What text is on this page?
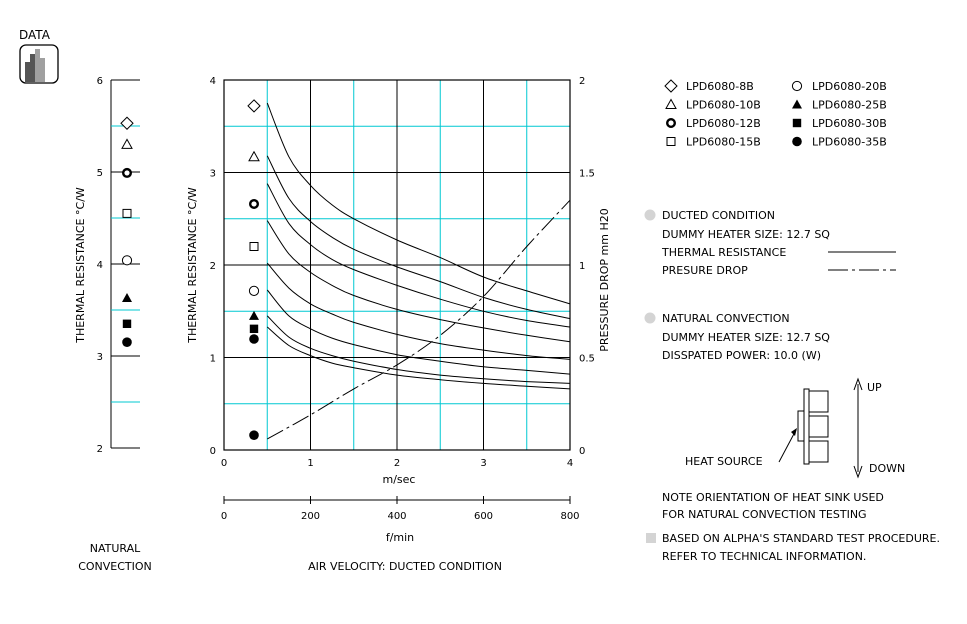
DATA
2
3
4
5
6
THERMAL RESISTANCE °C/W
NATURAL
CONVECTION
0
1
2
3
4
0
0.5
1
1.5
2
0	1	2	3	4
0	200	400	600	800
THERMAL RESISTANCE °C/W	PRESSURE DROP mm H20
m/sec
f/min
AIR VELOCITY: DUCTED CONDITION
LPD6080-8B	LPD6080-20B
LPD6080-10B	LPD6080-25B
LPD6080-12B	LPD6080-30B
LPD6080-15B	LPD6080-35B
DUCTED CONDITION
DUMMY HEATER SIZE: 12.7 SQ
THERMAL RESISTANCE
PRESURE DROP
NATURAL CONVECTION
DUMMY HEATER SIZE: 12.7 SQ
DISSPATED POWER: 10.0 (W)
HEAT SOURCE
UP
DOWN
NOTE ORIENTATION OF HEAT SINK USED
FOR NATURAL CONVECTION TESTING
BASED ON ALPHA'S STANDARD TEST PROCEDURE.
REFER TO TECHNICAL INFORMATION.
